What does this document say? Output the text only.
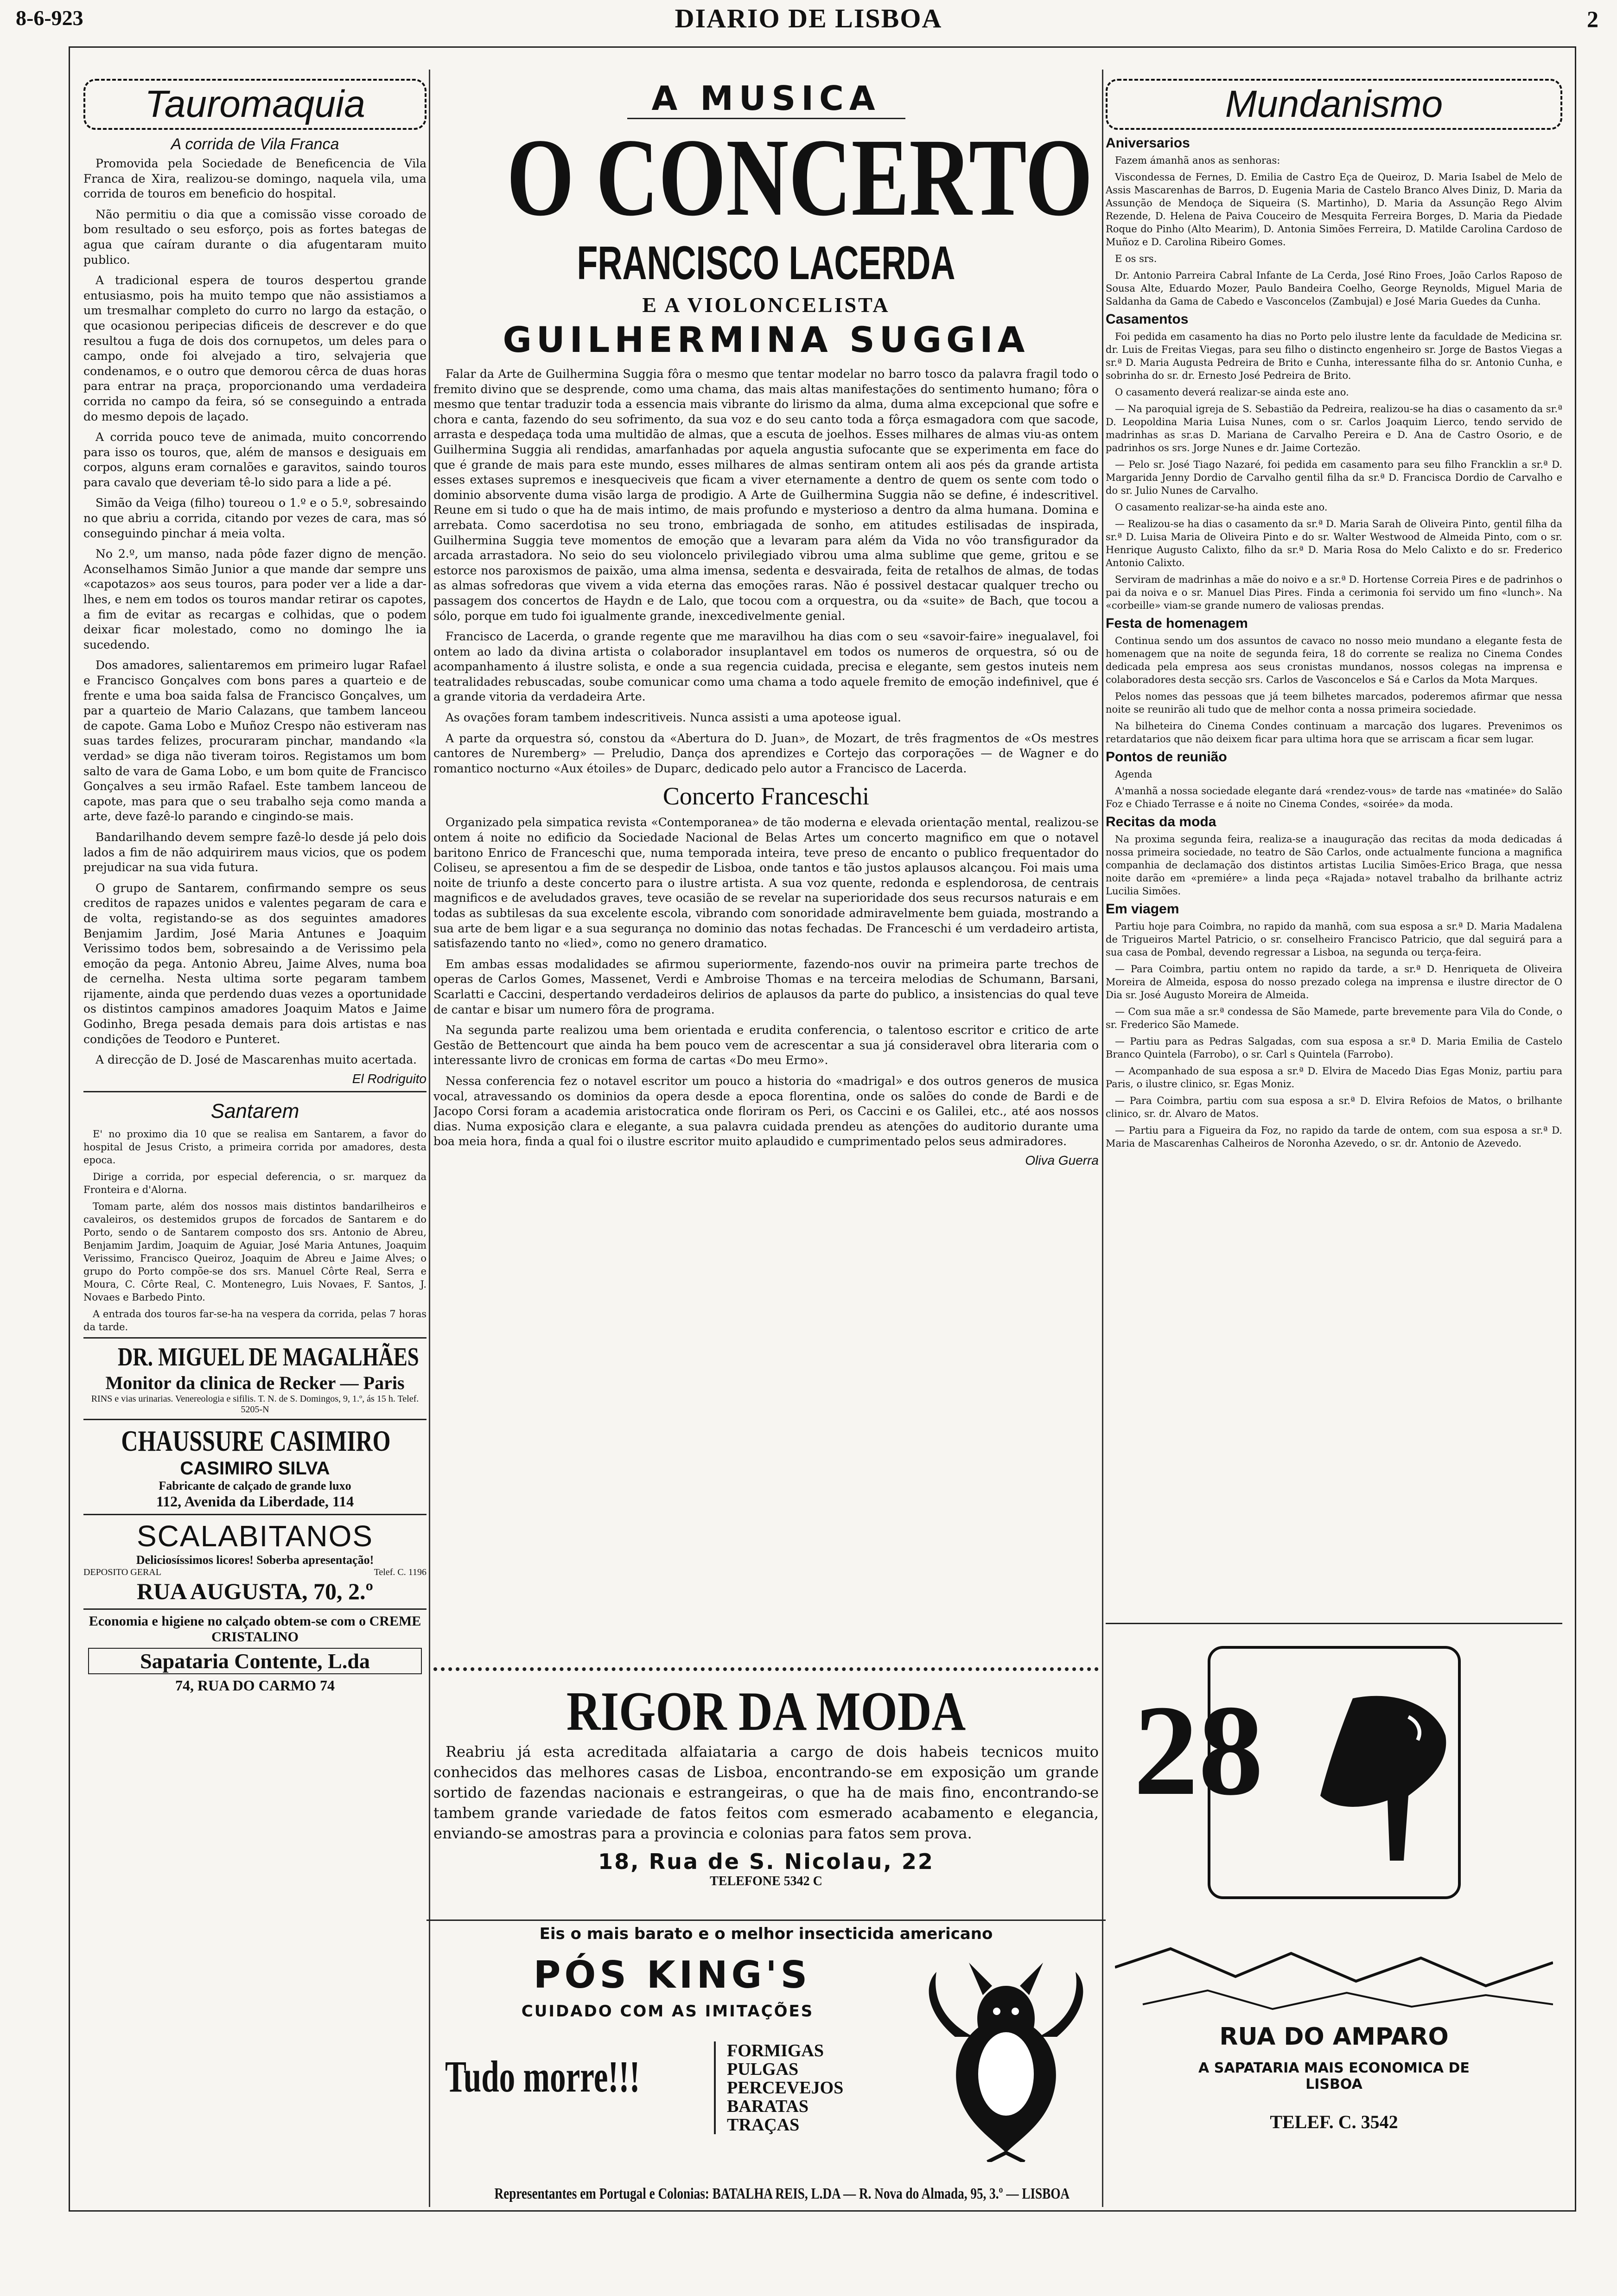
8-6-923	DIARIO DE LISBOA	2
Tauromaquia
A corrida de Vila Franca

Promovida pela Sociedade de Beneficencia de Vila Franca de Xira, realizou-se domingo, naquela vila, uma corrida de touros em beneficio do hospital.

Não permitiu o dia que a comissão visse coroado de bom resultado o seu esforço, pois as fortes bategas de agua que caíram durante o dia afugentaram muito publico.

A tradicional espera de touros despertou grande entusiasmo, pois ha muito tempo que não assistiamos a um tresmalhar completo do curro no largo da estação, o que ocasionou peripecias dificeis de descrever e do que resultou a fuga de dois dos cornupetos, um deles para o campo, onde foi alvejado a tiro, selvajeria que condenamos, e o outro que demorou cêrca de duas horas para entrar na praça, proporcionando uma verdadeira corrida no campo da feira, só se conseguindo a entrada do mesmo depois de laçado.

A corrida pouco teve de animada, muito concorrendo para isso os touros, que, além de mansos e desiguais em corpos, alguns eram cornalões e garavitos, saindo touros para cavalo que deveriam tê-lo sido para a lide a pé.

Simão da Veiga (filho) toureou o 1.º e o 5.º, sobresaindo no que abriu a corrida, citando por vezes de cara, mas só conseguindo pinchar á meia volta.

No 2.º, um manso, nada pôde fazer digno de menção. Aconselhamos Simão Junior a que mande dar sempre uns «capotazos» aos seus touros, para poder ver a lide a dar-lhes, e nem em todos os touros mandar retirar os capotes, a fim de evitar as recargas e colhidas, que o podem deixar ficar molestado, como no domingo lhe ia sucedendo.

Dos amadores, salientaremos em primeiro lugar Rafael e Francisco Gonçalves com bons pares a quarteio e de frente e uma boa saida falsa de Francisco Gonçalves, um par a quarteio de Mario Calazans, que tambem lanceou de capote. Gama Lobo e Muñoz Crespo não estiveram nas suas tardes felizes, procuraram pinchar, mandando «la verdad» se diga não tiveram toiros. Registamos um bom salto de vara de Gama Lobo, e um bom quite de Francisco Gonçalves a seu irmão Rafael. Este tambem lanceou de capote, mas para que o seu trabalho seja como manda a arte, deve fazê-lo parando e cingindo-se mais.

Bandarilhando devem sempre fazê-lo desde já pelo dois lados a fim de não adquirirem maus vicios, que os podem prejudicar na sua vida futura.

O grupo de Santarem, confirmando sempre os seus creditos de rapazes unidos e valentes pegaram de cara e de volta, registando-se as dos seguintes amadores Benjamim Jardim, José Maria Antunes e Joaquim Verissimo todos bem, sobresaindo a de Verissimo pela emoção da pega. Antonio Abreu, Jaime Alves, numa boa de cernelha. Nesta ultima sorte pegaram tambem rijamente, ainda que perdendo duas vezes a oportunidade os distintos campinos amadores Joaquim Matos e Jaime Godinho, Brega pesada demais para dois artistas e nas condições de Teodoro e Punteret.

A direcção de D. José de Mascarenhas muito acertada.

El Rodriguito
Santarem

E' no proximo dia 10 que se realisa em Santarem, a favor do hospital de Jesus Cristo, a primeira corrida por amadores, desta epoca.

Dirige a corrida, por especial deferencia, o sr. marquez da Fronteira e d'Alorna.

Tomam parte, além dos nossos mais distintos bandarilheiros e cavaleiros, os destemidos grupos de forcados de Santarem e do Porto, sendo o de Santarem composto dos srs. Antonio de Abreu, Benjamim Jardim, Joaquim de Aguiar, José Maria Antunes, Joaquim Verissimo, Francisco Queiroz, Joaquim de Abreu e Jaime Alves; o grupo do Porto compõe-se dos srs. Manuel Côrte Real, Serra e Moura, C. Côrte Real, C. Montenegro, Luis Novaes, F. Santos, J. Novaes e Barbedo Pinto.

A entrada dos touros far-se-ha na vespera da corrida, pelas 7 horas da tarde.

DR. MIGUEL DE MAGALHÃES
Monitor da clinica de Recker — Paris
RINS e vias urinarias. Venereologia e sifilis. T. N. de S. Domingos, 9, 1.º, ás 15 h. Telef. 5205-N
CHAUSSURE CASIMIRO
CASIMIRO SILVA
Fabricante de calçado de grande luxo
112, Avenida da Liberdade, 114
SCALABITANOS
Deliciosíssimos licores! Soberba apresentação!
DEPOSITO GERAL	Telef. C. 1196
RUA AUGUSTA, 70, 2.º
Economia e higiene no calçado obtem-se com o CREME CRISTALINO
Sapataria Contente, L.da
74, RUA DO CARMO 74
A MUSICA
O CONCERTO
FRANCISCO LACERDA
E A VIOLONCELISTA
GUILHERMINA SUGGIA

Falar da Arte de Guilhermina Suggia fôra o mesmo que tentar modelar no barro tosco da palavra fragil todo o fremito divino que se desprende, como uma chama, das mais altas manifestações do sentimento humano; fôra o mesmo que tentar traduzir toda a essencia mais vibrante do lirismo da alma, duma alma excepcional que sofre e chora e canta, fazendo do seu sofrimento, da sua voz e do seu canto toda a fôrça esmagadora com que sacode, arrasta e despedaça toda uma multidão de almas, que a escuta de joelhos. Esses milhares de almas viu-as ontem Guilhermina Suggia ali rendidas, amarfanhadas por aquela angustia sufocante que se experimenta em face do que é grande de mais para este mundo, esses milhares de almas sentiram ontem ali aos pés da grande artista esses extases supremos e inesqueciveis que ficam a viver eternamente a dentro de quem os sente com todo o dominio absorvente duma visão larga de prodigio. A Arte de Guilhermina Suggia não se define, é indescritivel. Reune em si tudo o que ha de mais intimo, de mais profundo e mysterioso a dentro da alma humana. Domina e arrebata. Como sacerdotisa no seu trono, embriagada de sonho, em atitudes estilisadas de inspirada, Guilhermina Suggia teve momentos de emoção que a levaram para além da Vida no vôo transfigurador da arcada arrastadora. No seio do seu violoncelo privilegiado vibrou uma alma sublime que geme, gritou e se estorce nos paroxismos de paixão, uma alma imensa, sedenta e desvairada, feita de retalhos de almas, de todas as almas sofredoras que vivem a vida eterna das emoções raras. Não é possivel destacar qualquer trecho ou passagem dos concertos de Haydn e de Lalo, que tocou com a orquestra, ou da «suite» de Bach, que tocou a sólo, porque em tudo foi igualmente grande, inexcedivelmente genial.

Francisco de Lacerda, o grande regente que me maravilhou ha dias com o seu «savoir-faire» inegualavel, foi ontem ao lado da divina artista o colaborador insuplantavel em todos os numeros de orquestra, só ou de acompanhamento á ilustre solista, e onde a sua regencia cuidada, precisa e elegante, sem gestos inuteis nem teatralidades rebuscadas, soube comunicar como uma chama a todo aquele fremito de emoção indefinivel, que é a grande vitoria da verdadeira Arte.

As ovações foram tambem indescritiveis. Nunca assisti a uma apoteose igual.

A parte da orquestra só, constou da «Abertura do D. Juan», de Mozart, de três fragmentos de «Os mestres cantores de Nuremberg» — Preludio, Dança dos aprendizes e Cortejo das corporações — de Wagner e do romantico nocturno «Aux étoiles» de Duparc, dedicado pelo autor a Francisco de Lacerda.

Concerto Franceschi

Organizado pela simpatica revista «Contemporanea» de tão moderna e elevada orientação mental, realizou-se ontem á noite no edificio da Sociedade Nacional de Belas Artes um concerto magnifico em que o notavel baritono Enrico de Franceschi que, numa temporada inteira, teve preso de encanto o publico frequentador do Coliseu, se apresentou a fim de se despedir de Lisboa, onde tantos e tão justos aplausos alcançou. Foi mais uma noite de triunfo a deste concerto para o ilustre artista. A sua voz quente, redonda e esplendorosa, de centrais magnificos e de aveludados graves, teve ocasião de se revelar na superioridade dos seus recursos naturais e em todas as subtilesas da sua excelente escola, vibrando com sonoridade admiravelmente bem guiada, mostrando a sua arte de bem ligar e a sua segurança no dominio das notas fechadas. De Franceschi é um verdadeiro artista, satisfazendo tanto no «lied», como no genero dramatico.

Em ambas essas modalidades se afirmou superiormente, fazendo-nos ouvir na primeira parte trechos de operas de Carlos Gomes, Massenet, Verdi e Ambroise Thomas e na terceira melodias de Schumann, Barsani, Scarlatti e Caccini, despertando verdadeiros delirios de aplausos da parte do publico, a insistencias do qual teve de cantar e bisar um numero fôra de programa.

Na segunda parte realizou uma bem orientada e erudita conferencia, o talentoso escritor e critico de arte Gestão de Bettencourt que ainda ha bem pouco vem de acrescentar a sua já consideravel obra literaria com o interessante livro de cronicas em forma de cartas «Do meu Ermo».

Nessa conferencia fez o notavel escritor um pouco a historia do «madrigal» e dos outros generos de musica vocal, atravessando os dominios da opera desde a epoca florentina, onde os salões do conde de Bardi e de Jacopo Corsi foram a academia aristocratica onde floriram os Peri, os Caccini e os Galilei, etc., até aos nossos dias. Numa exposição clara e elegante, a sua palavra cuidada prendeu as atenções do auditorio durante uma boa meia hora, finda a qual foi o ilustre escritor muito aplaudido e cumprimentado pelos seus admiradores.

Oliva Guerra
RIGOR DA MODA

Reabriu já esta acreditada alfaiataria a cargo de dois habeis tecnicos muito conhecidos das melhores casas de Lisboa, encontrando-se em exposição um grande sortido de fazendas nacionais e estrangeiras, o que ha de mais fino, encontrando-se tambem grande variedade de fatos feitos com esmerado acabamento e elegancia, enviando-se amostras para a provincia e colonias para fatos sem prova.

18, Rua de S. Nicolau, 22
TELEFONE 5342 C
Eis o mais barato e o melhor insecticida americano
PÓS KING'S
CUIDADO COM AS IMITAÇÕES
Tudo morre!!!
FORMIGAS
PULGAS
PERCEVEJOS
BARATAS
TRAÇAS
Representantes em Portugal e Colonias: BATALHA REIS, L.DA — R. Nova do Almada, 95, 3.º — LISBOA
Mundanismo
Aniversarios

Fazem ámanhã anos as senhoras:

Viscondessa de Fernes, D. Emilia de Castro Eça de Queiroz, D. Maria Isabel de Melo de Assis Mascarenhas de Barros, D. Eugenia Maria de Castelo Branco Alves Diniz, D. Maria da Assunção de Mendoça de Siqueira (S. Martinho), D. Maria da Assunção Rego Alvim Rezende, D. Helena de Paiva Couceiro de Mesquita Ferreira Borges, D. Maria da Piedade Roque do Pinho (Alto Mearim), D. Antonia Simões Ferreira, D. Matilde Carolina Cardoso de Muñoz e D. Carolina Ribeiro Gomes.

E os srs.

Dr. Antonio Parreira Cabral Infante de La Cerda, José Rino Froes, João Carlos Raposo de Sousa Alte, Eduardo Mozer, Paulo Bandeira Coelho, George Reynolds, Miguel Maria de Saldanha da Gama de Cabedo e Vasconcelos (Zambujal) e José Maria Guedes da Cunha.

Casamentos

Foi pedida em casamento ha dias no Porto pelo ilustre lente da faculdade de Medicina sr. dr. Luis de Freitas Viegas, para seu filho o distincto engenheiro sr. Jorge de Bastos Viegas a sr.ª D. Maria Augusta Pedreira de Brito e Cunha, interessante filha do sr. Antonio Cunha, e sobrinha do sr. dr. Ernesto José Pedreira de Brito.

O casamento deverá realizar-se ainda este ano.

— Na paroquial igreja de S. Sebastião da Pedreira, realizou-se ha dias o casamento da sr.ª D. Leopoldina Maria Luisa Nunes, com o sr. Carlos Joaquim Lierco, tendo servido de madrinhas as sr.as D. Mariana de Carvalho Pereira e D. Ana de Castro Osorio, e de padrinhos os srs. Jorge Nunes e dr. Jaime Cortezão.

— Pelo sr. José Tiago Nazaré, foi pedida em casamento para seu filho Francklin a sr.ª D. Margarida Jenny Dordio de Carvalho gentil filha da sr.ª D. Francisca Dordio de Carvalho e do sr. Julio Nunes de Carvalho.

O casamento realizar-se-ha ainda este ano.

— Realizou-se ha dias o casamento da sr.ª D. Maria Sarah de Oliveira Pinto, gentil filha da sr.ª D. Luisa Maria de Oliveira Pinto e do sr. Walter Westwood de Almeida Pinto, com o sr. Henrique Augusto Calixto, filho da sr.ª D. Maria Rosa do Melo Calixto e do sr. Frederico Antonio Calixto.

Serviram de madrinhas a mãe do noivo e a sr.ª D. Hortense Correia Pires e de padrinhos o pai da noiva e o sr. Manuel Dias Pires. Finda a cerimonia foi servido um fino «lunch». Na «corbeille» viam-se grande numero de valiosas prendas.

Festa de homenagem

Continua sendo um dos assuntos de cavaco no nosso meio mundano a elegante festa de homenagem que na noite de segunda feira, 18 do corrente se realiza no Cinema Condes dedicada pela empresa aos seus cronistas mundanos, nossos colegas na imprensa e colaboradores desta secção srs. Carlos de Vasconcelos e Sá e Carlos da Mota Marques.

Pelos nomes das pessoas que já teem bilhetes marcados, poderemos afirmar que nessa noite se reunirão ali tudo que de melhor conta a nossa primeira sociedade.

Na bilheteira do Cinema Condes continuam a marcação dos lugares. Prevenimos os retardatarios que não deixem ficar para ultima hora que se arriscam a ficar sem lugar.

Pontos de reunião

Agenda

A'manhã a nossa sociedade elegante dará «rendez-vous» de tarde nas «matinée» do Salão Foz e Chiado Terrasse e á noite no Cinema Condes, «soirée» da moda.

Recitas da moda

Na proxima segunda feira, realiza-se a inauguração das recitas da moda dedicadas á nossa primeira sociedade, no teatro de São Carlos, onde actualmente funciona a magnifica companhia de declamação dos distintos artistas Lucilia Simões-Erico Braga, que nessa noite darão em «premiére» a linda peça «Rajada» notavel trabalho da brilhante actriz Lucilia Simões.

Em viagem

Partiu hoje para Coimbra, no rapido da manhã, com sua esposa a sr.ª D. Maria Madalena de Trigueiros Martel Patricio, o sr. conselheiro Francisco Patricio, que dal seguirá para a sua casa de Pombal, devendo regressar a Lisboa, na segunda ou terça-feira.

— Para Coimbra, partiu ontem no rapido da tarde, a sr.ª D. Henriqueta de Oliveira Moreira de Almeida, esposa do nosso prezado colega na imprensa e ilustre director de O Dia sr. José Augusto Moreira de Almeida.

— Com sua mãe a sr.ª condessa de São Mamede, parte brevemente para Vila do Conde, o sr. Frederico São Mamede.

— Partiu para as Pedras Salgadas, com sua esposa a sr.ª D. Maria Emilia de Castelo Branco Quintela (Farrobo), o sr. Carl s Quintela (Farrobo).

— Acompanhado de sua esposa a sr.ª D. Elvira de Macedo Dias Egas Moniz, partiu para Paris, o ilustre clinico, sr. Egas Moniz.

— Para Coimbra, partiu com sua esposa a sr.ª D. Elvira Refoios de Matos, o brilhante clinico, sr. dr. Alvaro de Matos.

— Partiu para a Figueira da Foz, no rapido da tarde de ontem, com sua esposa a sr.ª D. Maria de Mascarenhas Calheiros de Noronha Azevedo, o sr. dr. Antonio de Azevedo.

28
RUA DO AMPARO
A SAPATARIA MAIS ECONOMICA DE LISBOA
TELEF. C. 3542
